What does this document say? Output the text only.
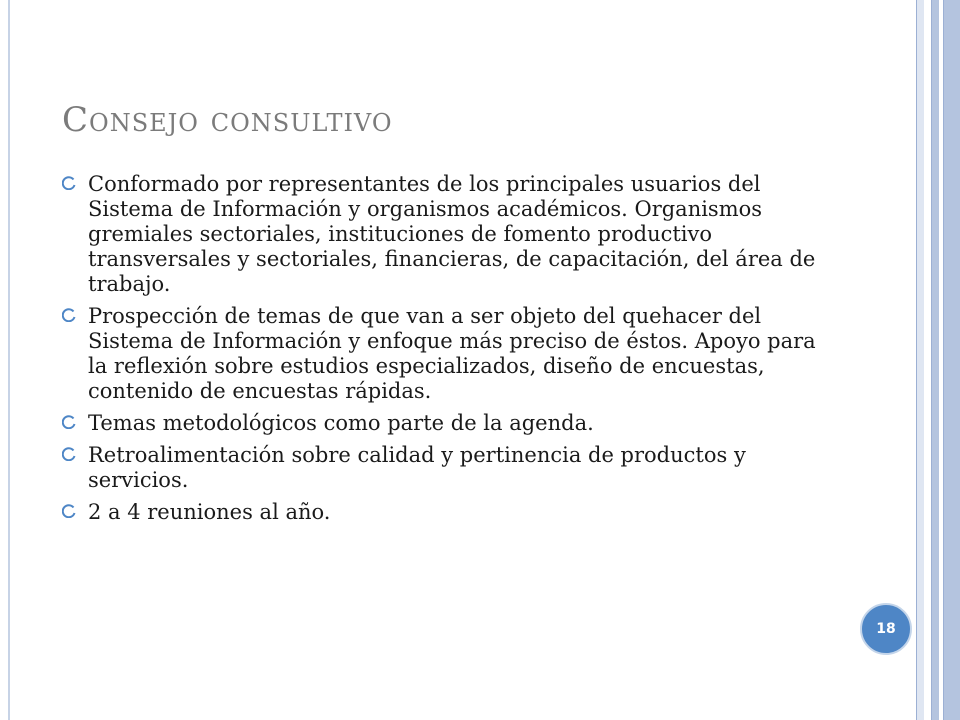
Consejo consultivo
Conformado por representantes de los principales usuarios del Sistema de Información y organismos académicos. Organismos gremiales sectoriales, instituciones de fomento productivo transversales y sectoriales, financieras, de capacitación, del área de trabajo.
Prospección de temas de que van a ser objeto del quehacer del Sistema de Información y enfoque más preciso de éstos. Apoyo para la reflexión sobre estudios especializados, diseño de encuestas, contenido de encuestas rápidas.
Temas metodológicos como parte de la agenda.
Retroalimentación sobre calidad y pertinencia de productos y servicios.
2 a 4 reuniones al año.
18
